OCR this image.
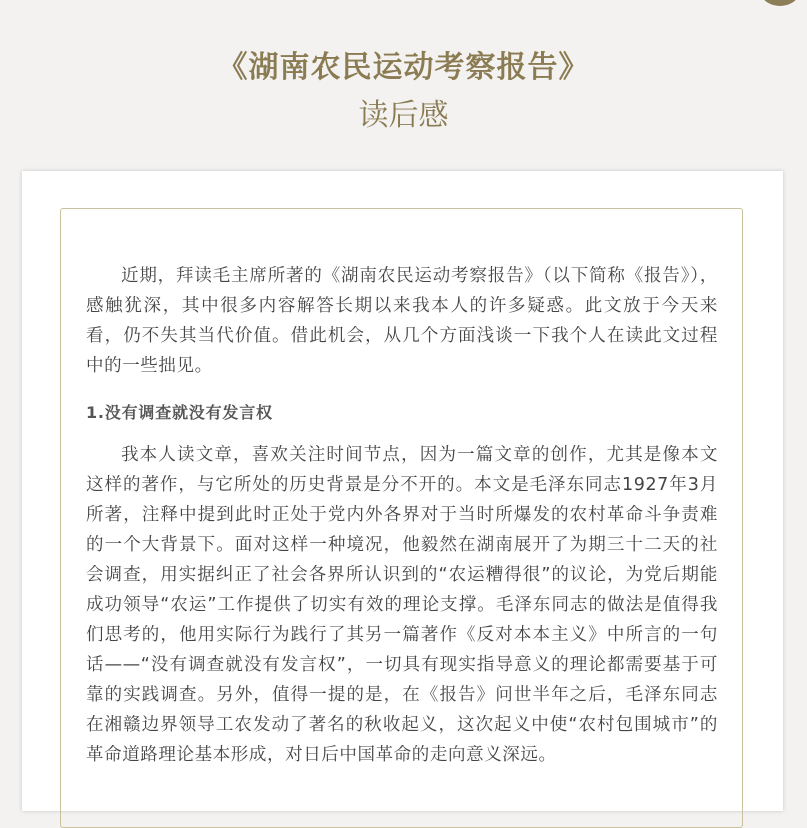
《湖南农民运动考察报告》
读后感

近期，拜读毛主席所著的《湖南农民运动考察报告》（以下简称《报告》），感触犹深，其中很多内容解答长期以来我本人的许多疑惑。此文放于今天来看，仍不失其当代价值。借此机会，从几个方面浅谈一下我个人在读此文过程中的一些拙见。

1.没有调查就没有发言权

我本人读文章，喜欢关注时间节点，因为一篇文章的创作，尤其是像本文这样的著作，与它所处的历史背景是分不开的。本文是毛泽东同志1927年3月所著，注释中提到此时正处于党内外各界对于当时所爆发的农村革命斗争责难的一个大背景下。面对这样一种境况，他毅然在湖南展开了为期三十二天的社会调查，用实据纠正了社会各界所认识到的“农运糟得很”的议论，为党后期能成功领导“农运”工作提供了切实有效的理论支撑。毛泽东同志的做法是值得我们思考的，他用实际行为践行了其另一篇著作《反对本本主义》中所言的一句话——“没有调查就没有发言权”，一切具有现实指导意义的理论都需要基于可靠的实践调查。另外，值得一提的是，在《报告》问世半年之后，毛泽东同志在湘赣边界领导工农发动了著名的秋收起义，这次起义中使“农村包围城市”的革命道路理论基本形成，对日后中国革命的走向意义深远。
